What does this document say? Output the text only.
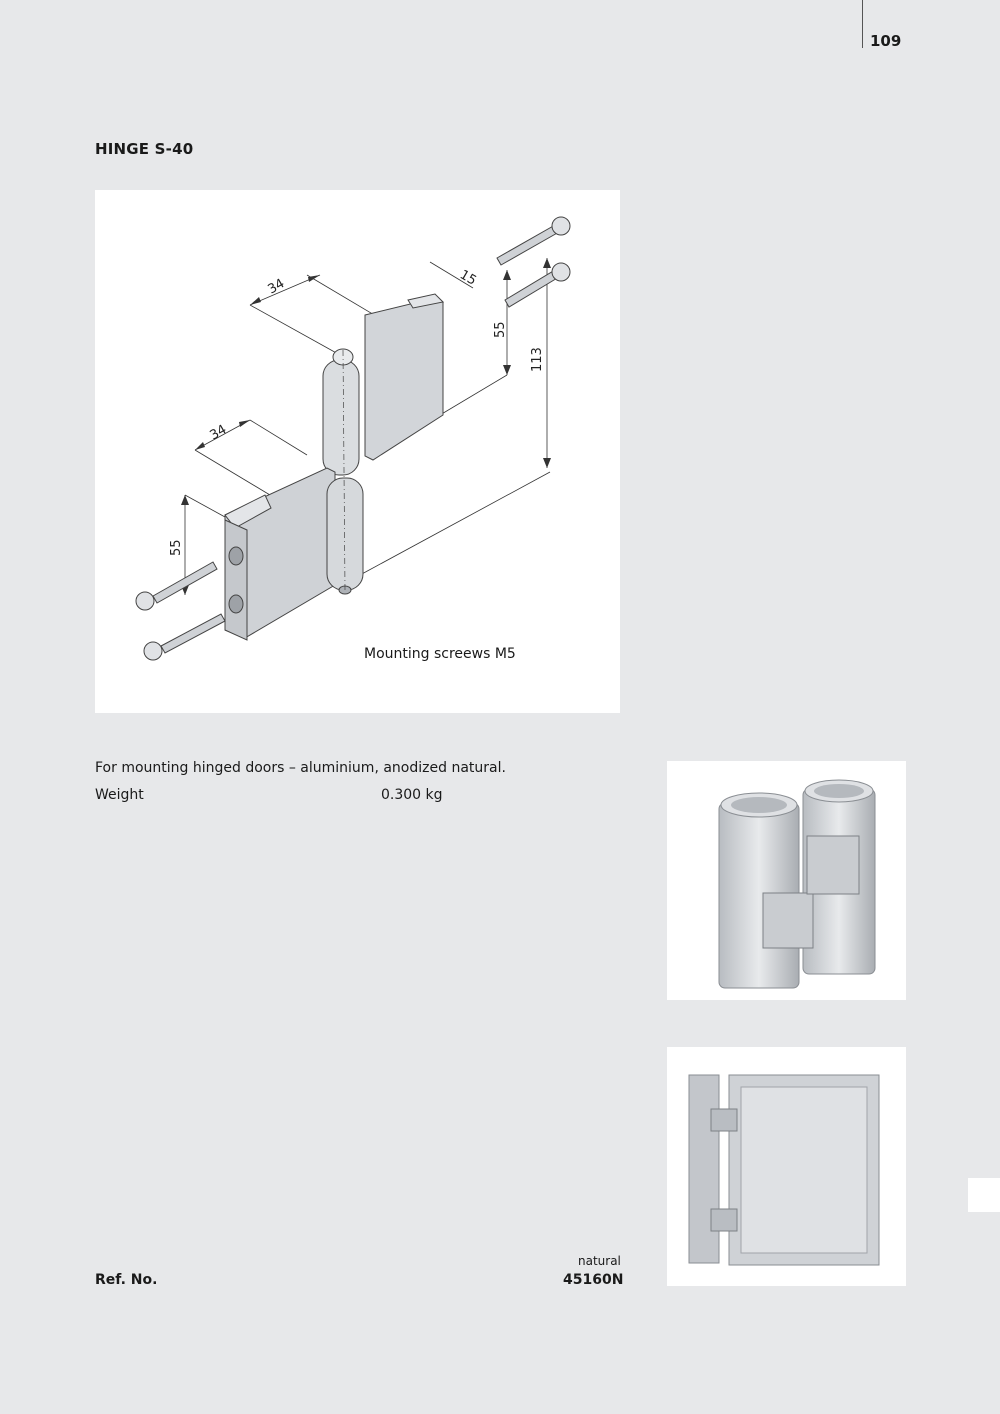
109
HINGE S-40
34
34
15
55
113
55
Mounting screews M5
For mounting hinged doors – aluminium, anodized natural.
Weight	0.300 kg
natural
Ref. No.	45160N
